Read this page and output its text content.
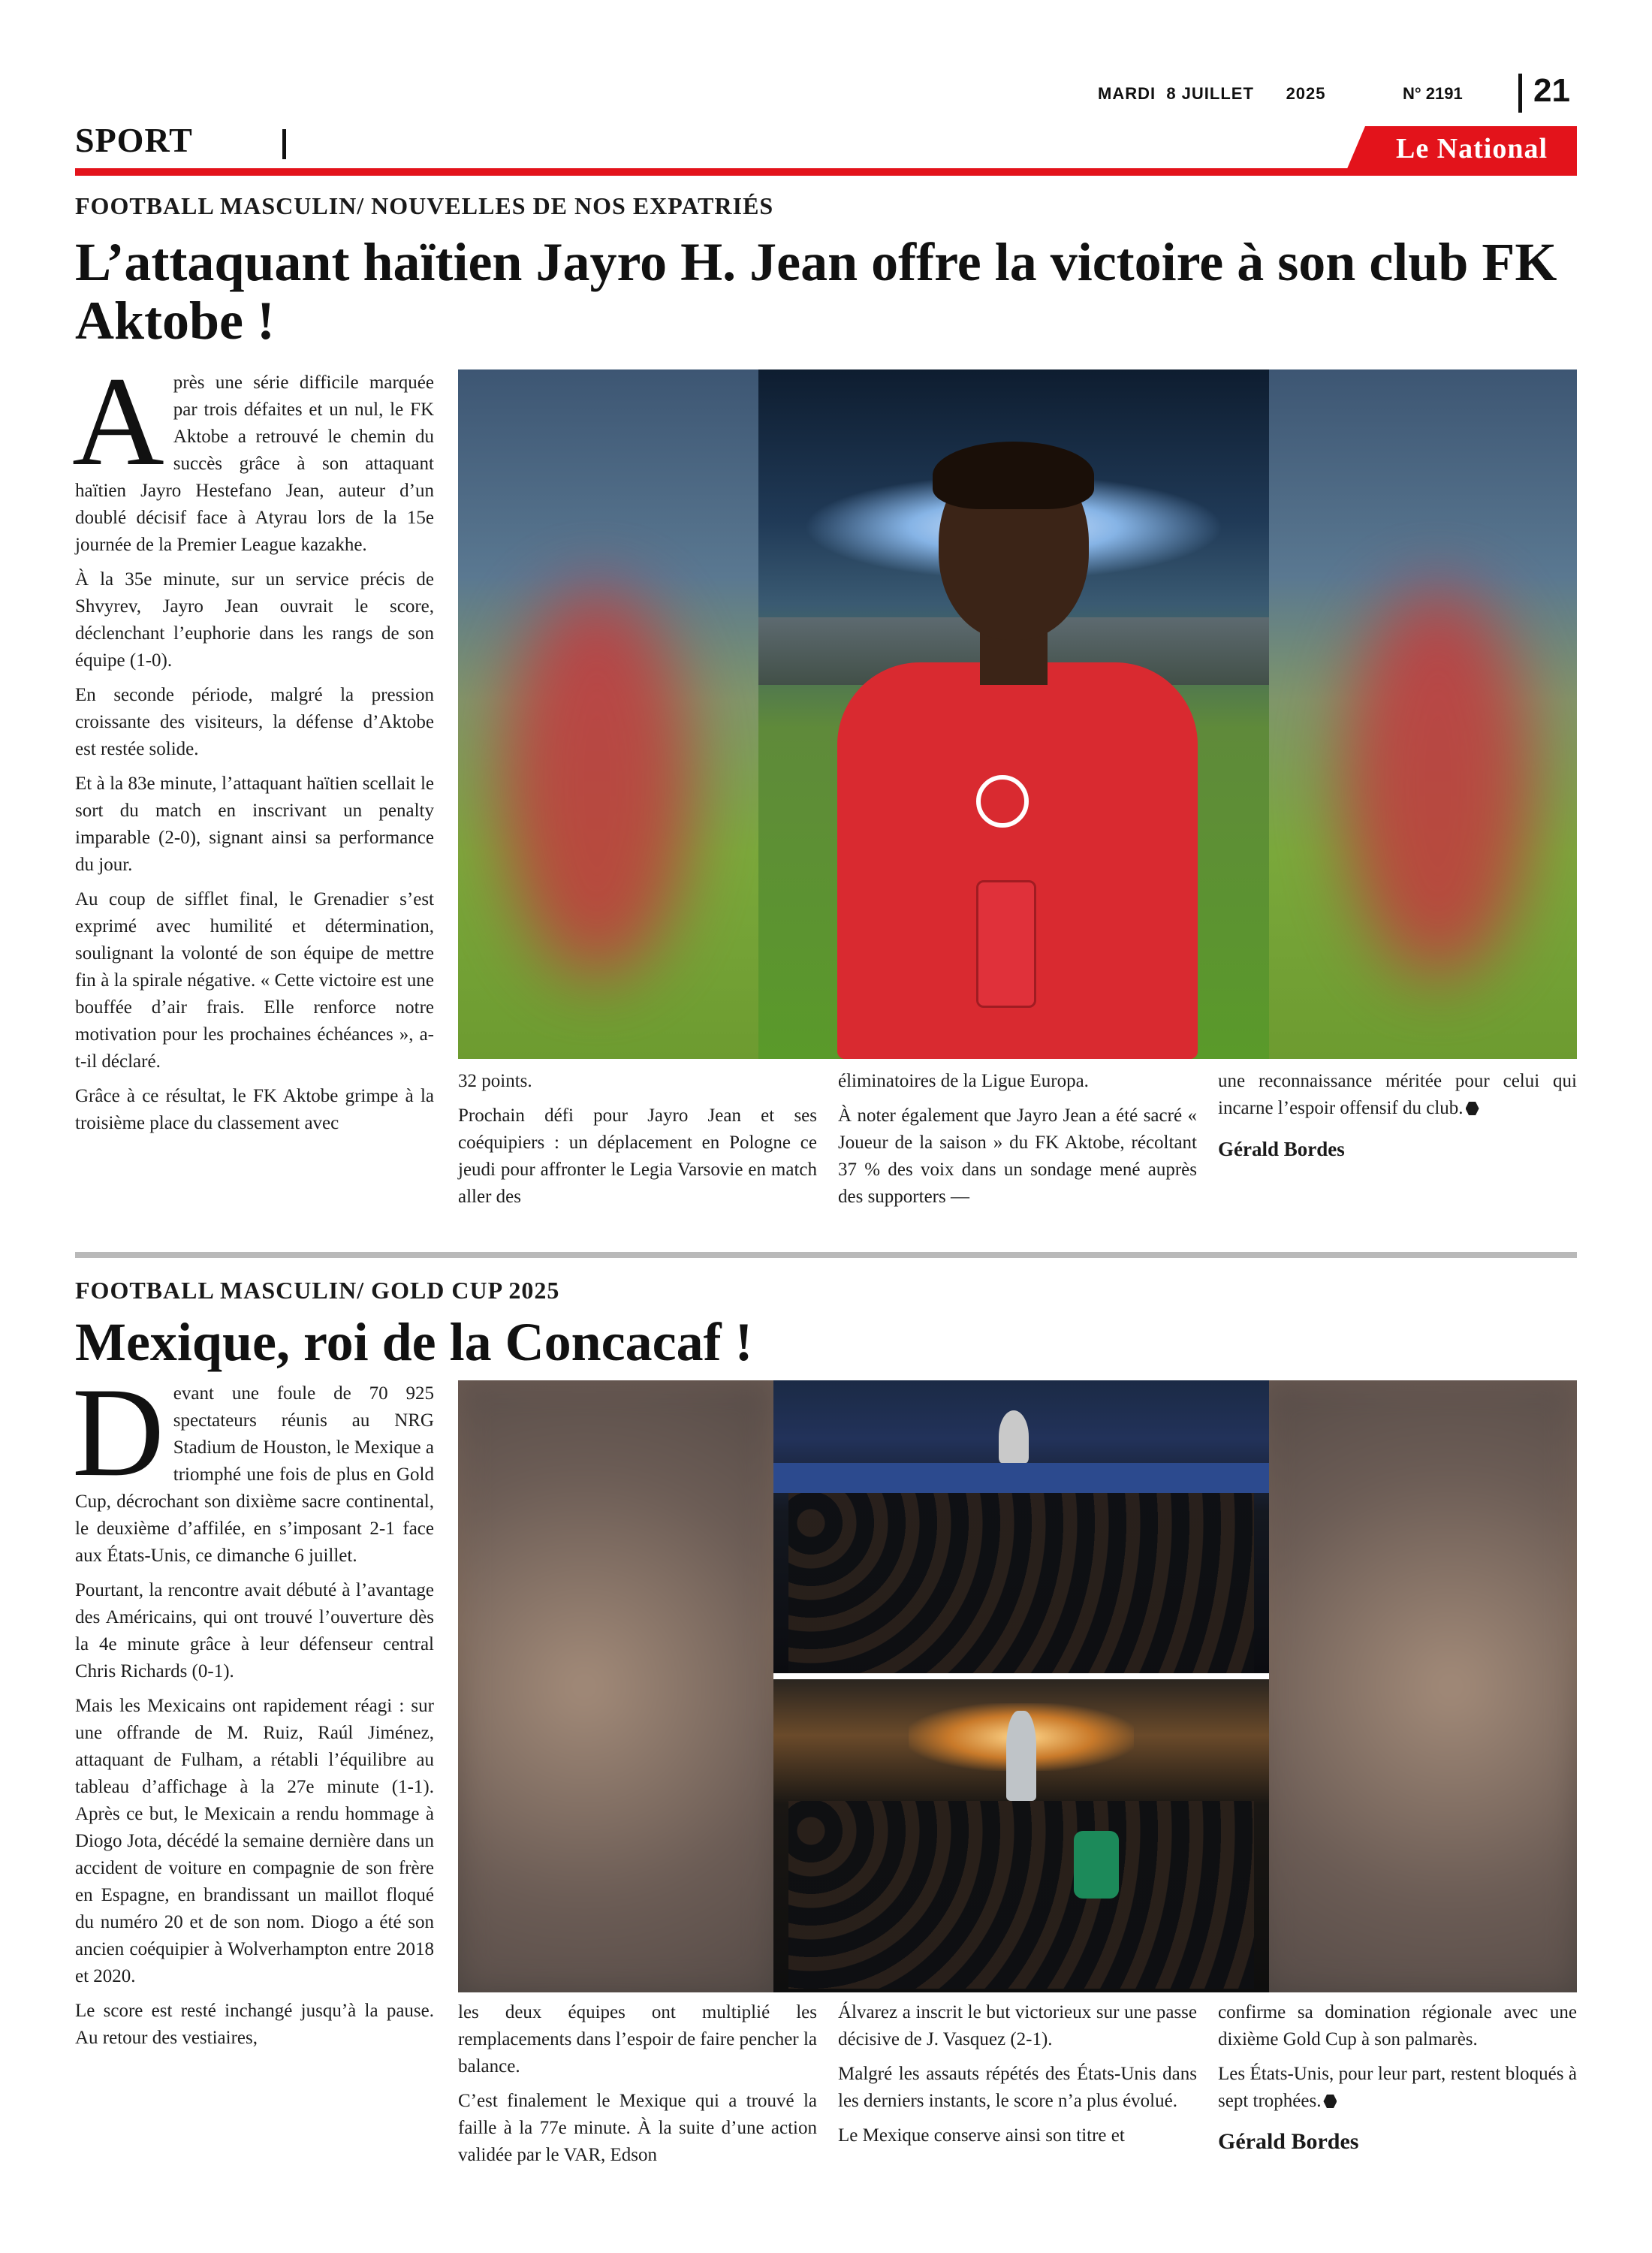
MARDI  8 JUILLET      2025	N° 2191 21
SPORT	Le National
FOOTBALL MASCULIN/ NOUVELLES DE NOS EXPATRIÉS
L’attaquant haïtien Jayro H. Jean offre la victoire à son club FK Aktobe !

Après une série difficile marquée par trois défaites et un nul, le FK Aktobe a retrouvé le chemin du succès grâce à son attaquant haïtien Jayro Hestefano Jean, auteur d’un doublé décisif face à Atyrau lors de la 15e journée de la Premier League kazakhe.

À la 35e minute, sur un service précis de Shvyrev, Jayro Jean ouvrait le score, déclenchant l’euphorie dans les rangs de son équipe (1-0).

En seconde période, malgré la pression croissante des visiteurs, la défense d’Aktobe est restée solide.

Et à la 83e minute, l’attaquant haïtien scellait le sort du match en inscrivant un penalty imparable (2-0), signant ainsi sa performance du jour.

Au coup de sifflet final, le Grenadier s’est exprimé avec humilité et détermination, soulignant la volonté de son équipe de mettre fin à la spirale négative. « Cette victoire est une bouffée d’air frais. Elle renforce notre motivation pour les prochaines échéances », a-t-il déclaré.

Grâce à ce résultat, le FK Aktobe grimpe à la troisième place du classement avec

32 points.

Prochain défi pour Jayro Jean et ses coéquipiers : un déplacement en Pologne ce jeudi pour affronter le Legia Varsovie en match aller des

éliminatoires de la Ligue Europa.

À noter également que Jayro Jean a été sacré « Joueur de la saison » du FK Aktobe, récoltant 37 % des voix dans un sondage mené auprès des supporters —

une reconnaissance méritée pour celui qui incarne l’espoir offensif du club.

Gérald Bordes

FOOTBALL MASCULIN/ GOLD CUP 2025
Mexique, roi de la Concacaf !

Devant une foule de 70 925 spectateurs réunis au NRG Stadium de Houston, le Mexique a triomphé une fois de plus en Gold Cup, décrochant son dixième sacre continental, le deuxième d’affilée, en s’imposant 2-1 face aux États-Unis, ce dimanche 6 juillet.

Pourtant, la rencontre avait débuté à l’avantage des Américains, qui ont trouvé l’ouverture dès la 4e minute grâce à leur défenseur central Chris Richards (0-1).

Mais les Mexicains ont rapidement réagi : sur une offrande de M. Ruiz, Raúl Jiménez, attaquant de Fulham, a rétabli l’équilibre au tableau d’affichage à la 27e minute (1-1). Après ce but, le Mexicain a rendu hommage à Diogo Jota, décédé la semaine dernière dans un accident de voiture en compagnie de son frère en Espagne, en brandissant un maillot floqué du numéro 20 et de son nom. Diogo a été son ancien coéquipier à Wolverhampton entre 2018 et 2020.

Le score est resté inchangé jusqu’à la pause. Au retour des vestiaires,

les deux équipes ont multiplié les remplacements dans l’espoir de faire pencher la balance.

C’est finalement le Mexique qui a trouvé la faille à la 77e minute. À la suite d’une action validée par le VAR, Edson

Álvarez a inscrit le but victorieux sur une passe décisive de J. Vasquez (2-1).

Malgré les assauts répétés des États-Unis dans les derniers instants, le score n’a plus évolué.

Le Mexique conserve ainsi son titre et

confirme sa domination régionale avec une dixième Gold Cup à son palmarès.

Les États-Unis, pour leur part, restent bloqués à sept trophées.

Gérald Bordes
